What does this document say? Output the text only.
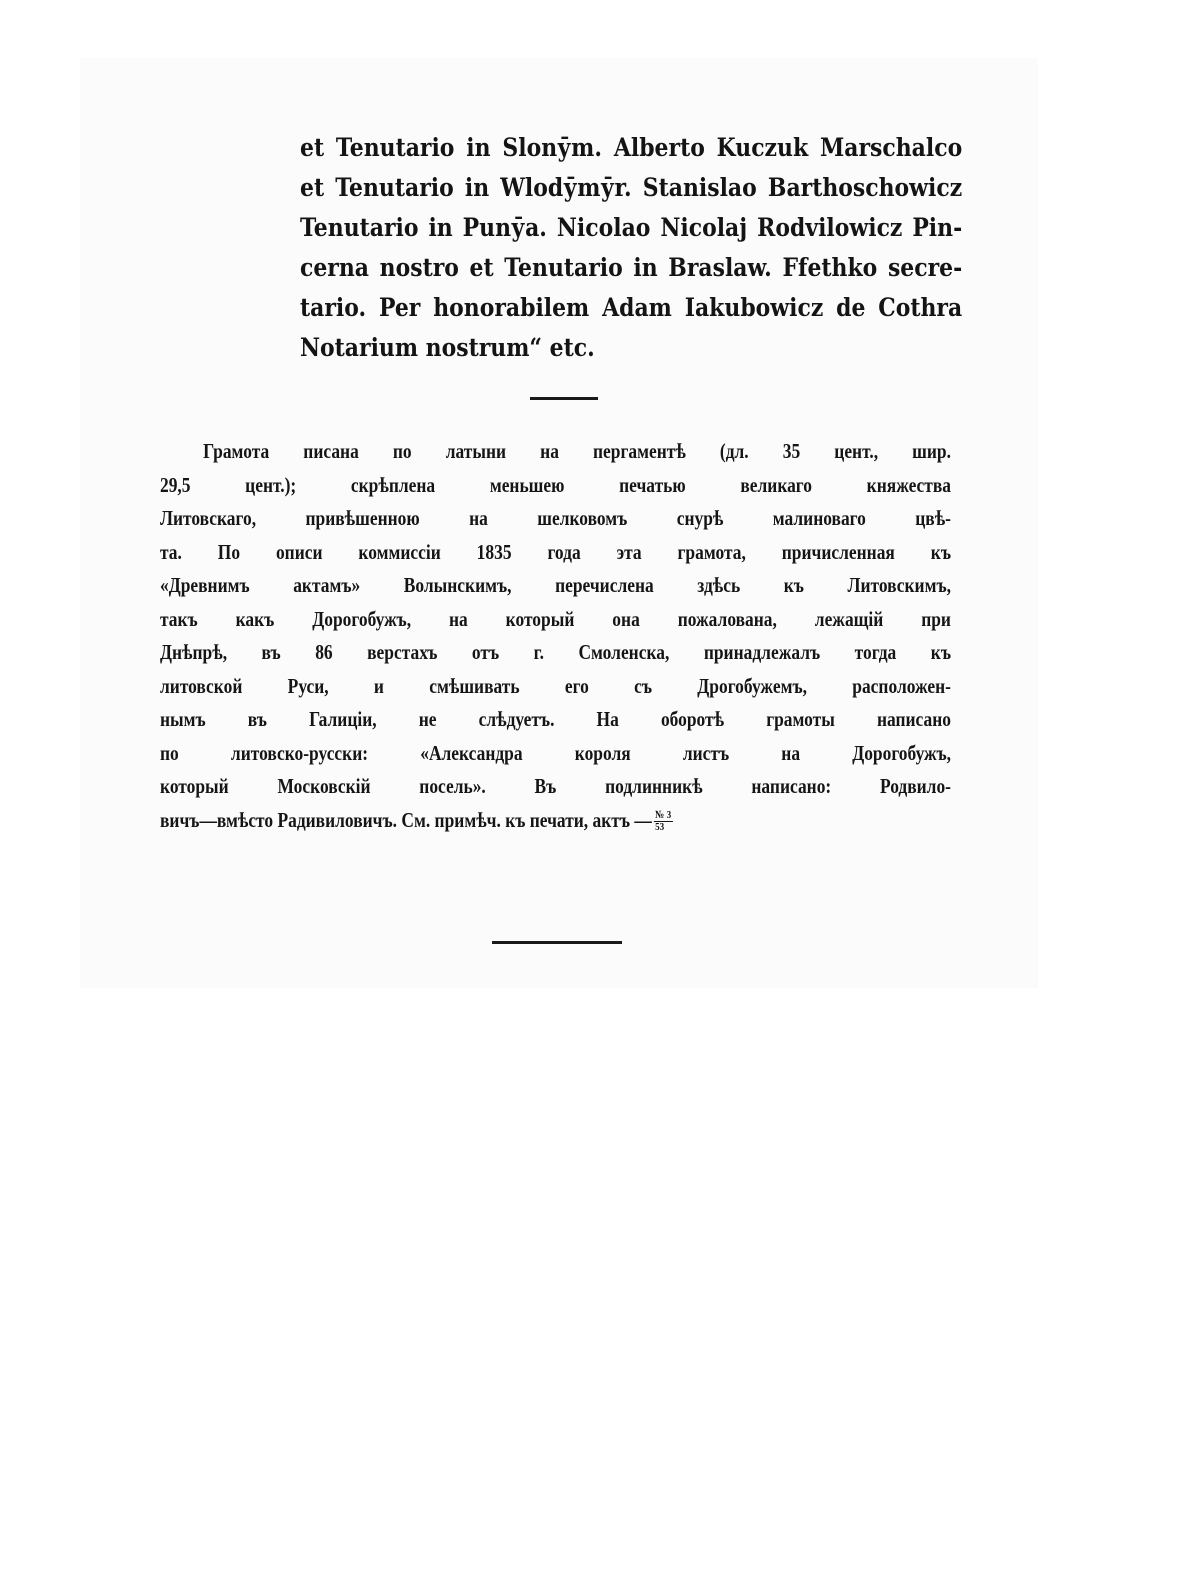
et Tenutario in Slonӯm. Alberto Kuczuk Marschalco
et Tenutario in Wlodӯmӯr. Stanislao Barthoschowicz
Tenutario in Punӯa. Nicolao Nicolaj Rodvilowicz Pin-
cerna nostro et Tenutario in Braslaw. Ffethko secre-
tario. Per honorabilem Adam Iakubowicz de Cothra
Notarium nostrum“ etc.
Грамота писана по латыни на пергаментѣ (дл. 35 цент., шир.
29,5 цент.); скрѣплена меньшею печатью великаго княжества
Литовскаго, привѣшенною на шелковомъ снурѣ малиноваго цвѣ-
та. По описи коммиссіи 1835 года эта грамота, причисленная къ
«Древнимъ актамъ» Волынскимъ, перечислена здѣсь къ Литовскимъ,
такъ какъ Дорогобужъ, на который она пожалована, лежащій при
Днѣпрѣ, въ 86 верстахъ отъ г. Смоленска, принадлежалъ тогда къ
литовской Руси, и смѣшивать его съ Дрогобужемъ, расположен-
нымъ въ Галиціи, не слѣдуетъ. На оборотѣ грамоты написано
по литовско-русски: «Александра короля листъ на Дорогобужъ,
который Московскій посель». Въ подлинникѣ написано: Родвило-
вичъ—вмѣсто Радивиловичъ. См. примѣч. къ печати, актъ — $\frac{№ 3}{53}$
